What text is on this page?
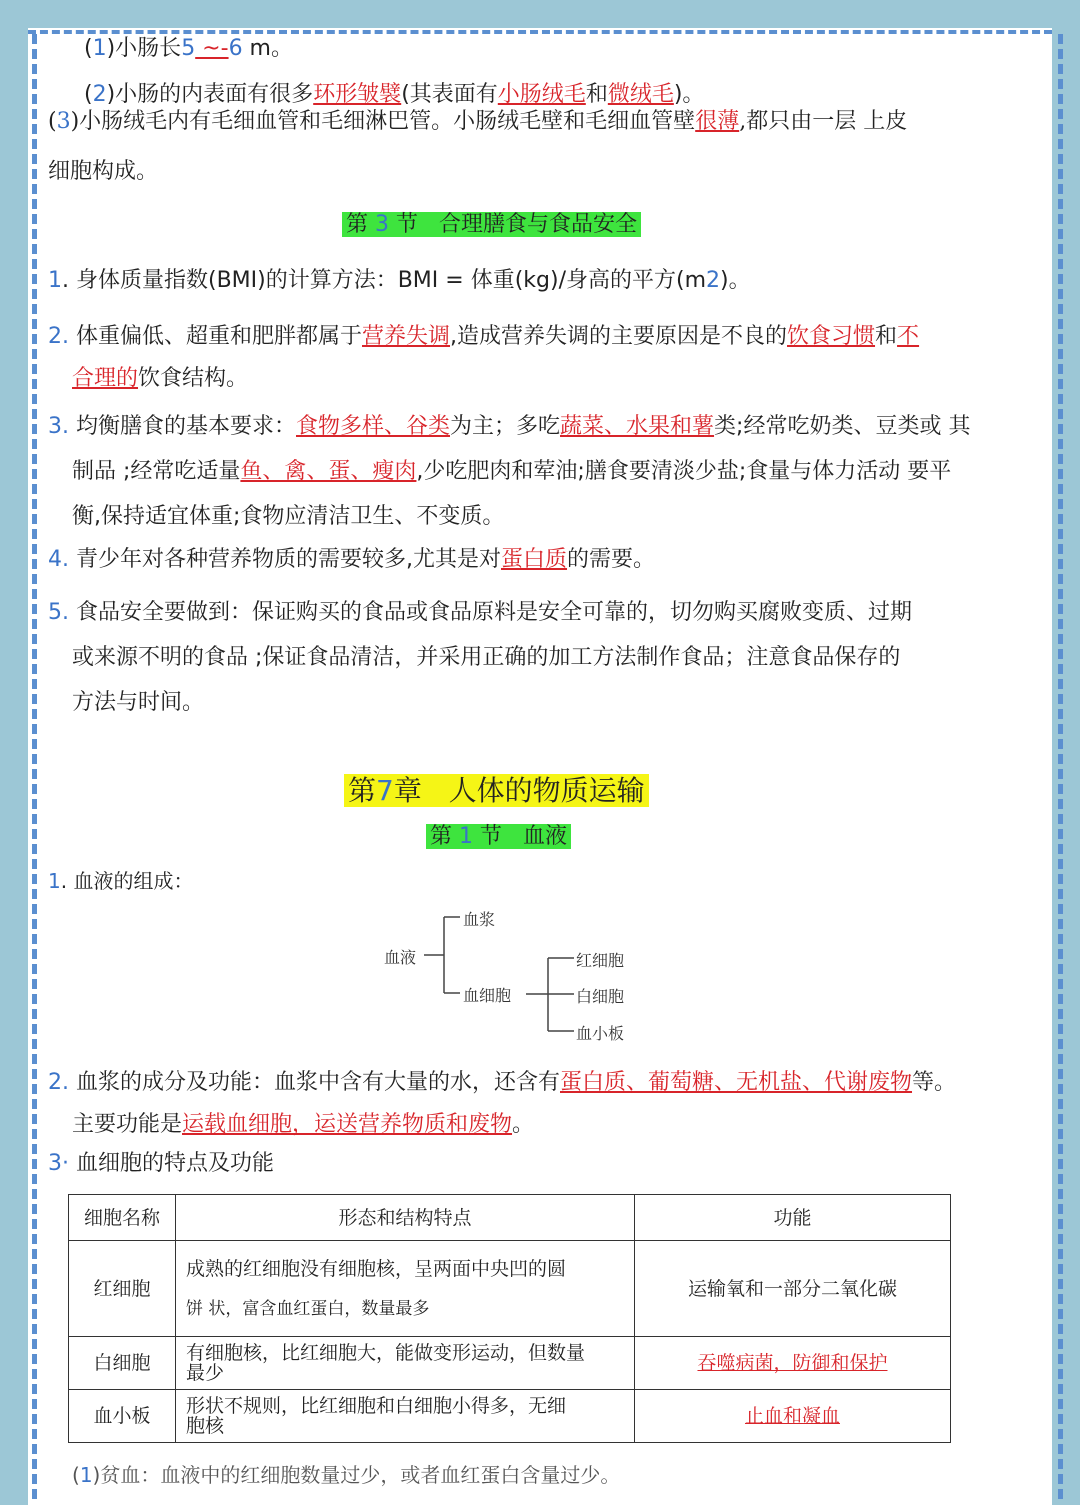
(1)小肠长5 ~-6 m。
(2)小肠的内表面有很多环形皱襞(其表面有小肠绒毛和微绒毛)。
(3)小肠绒毛内有毛细血管和毛细淋巴管。小肠绒毛壁和毛细血管壁很薄,都只由一层 上皮
细胞构成。
第 3 节 合理膳食与食品安全
1. 身体质量指数(BMI)的计算方法：BMI = 体重(kg)/身高的平方(m2)。
2. 体重偏低、超重和肥胖都属于营养失调,造成营养失调的主要原因是不良的饮食习惯和不
合理的饮食结构。
3. 均衡膳食的基本要求：食物多样、谷类为主；多吃蔬菜、水果和薯类;经常吃奶类、豆类或 其
制品 ;经常吃适量鱼、禽、蛋、瘦肉,少吃肥肉和荤油;膳食要清淡少盐;食量与体力活动 要平
衡,保持适宜体重;食物应清洁卫生、不变质。
4. 青少年对各种营养物质的需要较多,尤其是对蛋白质的需要。
5. 食品安全要做到：保证购买的食品或食品原料是安全可靠的，切勿购买腐败变质、过期
或来源不明的食品 ;保证食品清洁，并采用正确的加工方法制作食品；注意食品保存的
方法与时间。
第7章 人体的物质运输
第 1 节 血液
1. 血液的组成：
血液
血浆
血细胞
红细胞
白细胞
血小板
2. 血浆的成分及功能：血浆中含有大量的水，还含有蛋白质、葡萄糖、无机盐、代谢废物等。
主要功能是运载血细胞，运送营养物质和废物。
3· 血细胞的特点及功能
细胞名称	形态和结构特点	功能
红细胞	成熟的红细胞没有细胞核，呈两面中央凹的圆
饼 状，富含血红蛋白，数量最多	运输氧和一部分二氧化碳
白细胞	有细胞核，比红细胞大，能做变形运动，但数量
最少	吞噬病菌，防御和保护
血小板	形状不规则，比红细胞和白细胞小得多，无细
胞核	止血和凝血
(1)贫血：血液中的红细胞数量过少，或者血红蛋白含量过少。
